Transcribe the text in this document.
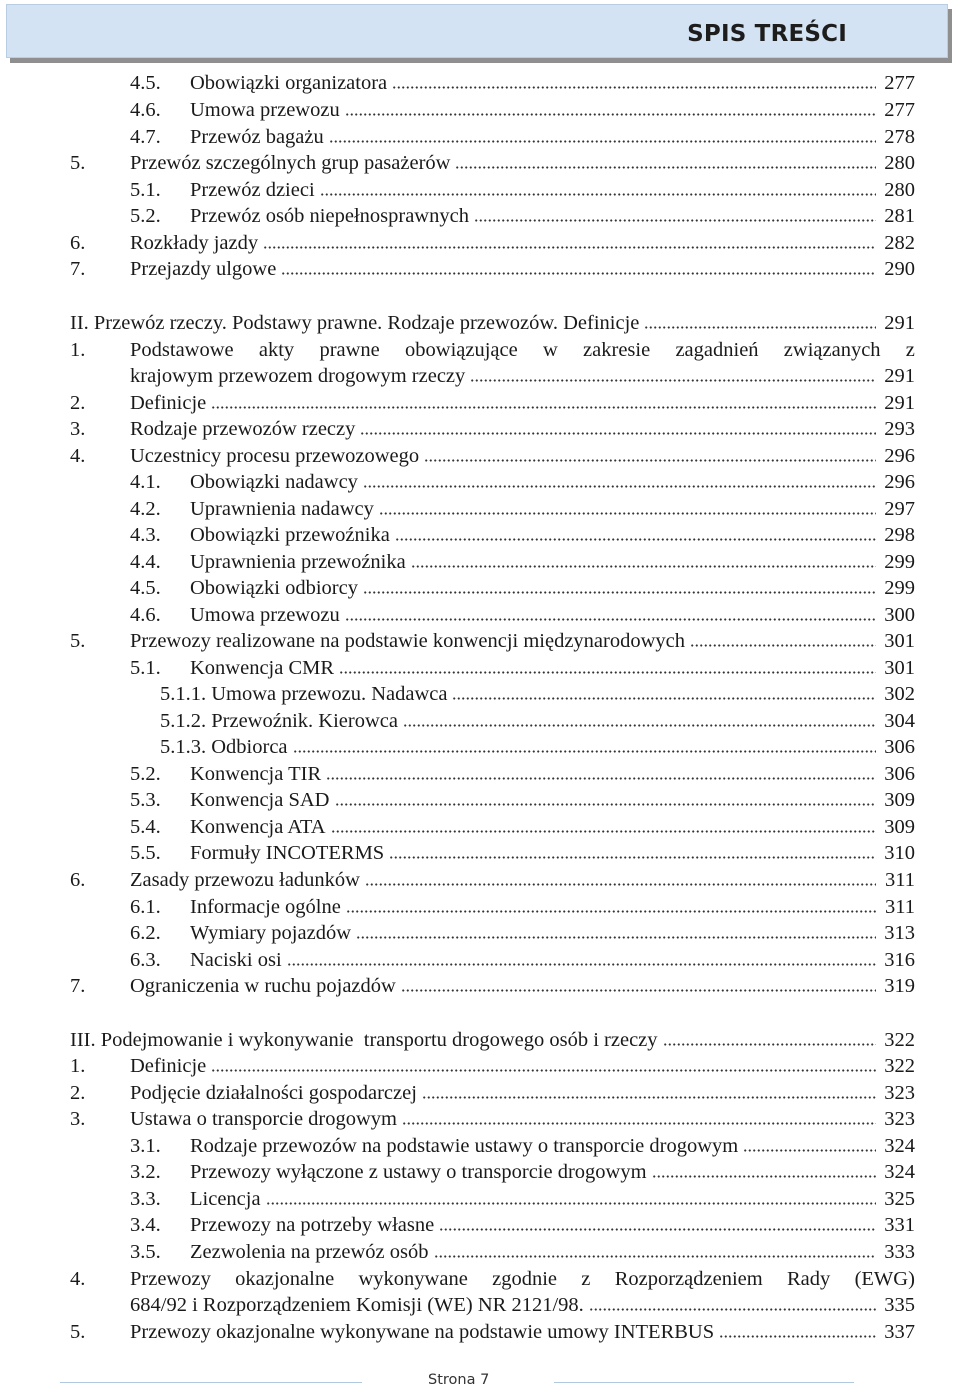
SPIS TREŚCI
4.5.	Obowiązki organizatora	277
4.6.	Umowa przewozu	277
4.7.	Przewóz bagażu	278
5.	Przewóz szczególnych grup pasażerów	280
5.1.	Przewóz dzieci	280
5.2.	Przewóz osób niepełnosprawnych	281
6.	Rozkłady jazdy	282
7.	Przejazdy ulgowe	290
II. Przewóz rzeczy. Podstawy prawne. Rodzaje przewozów. Definicje	291
1. Podstawowe akty prawne obowiązujące w zakresie zagadnień związanych z
krajowym przewozem drogowym rzeczy	291
2.	Definicje	291
3.	Rodzaje przewozów rzeczy	293
4.	Uczestnicy procesu przewozowego	296
4.1.	Obowiązki nadawcy	296
4.2.	Uprawnienia nadawcy	297
4.3.	Obowiązki przewoźnika	298
4.4.	Uprawnienia przewoźnika	299
4.5.	Obowiązki odbiorcy	299
4.6.	Umowa przewozu	300
5.	Przewozy realizowane na podstawie konwencji międzynarodowych	301
5.1.	Konwencja CMR	301
5.1.1. Umowa przewozu. Nadawca	302
5.1.2. Przewoźnik. Kierowca	304
5.1.3. Odbiorca	306
5.2.	Konwencja TIR	306
5.3.	Konwencja SAD	309
5.4.	Konwencja ATA	309
5.5.	Formuły INCOTERMS	310
6.	Zasady przewozu ładunków	311
6.1.	Informacje ogólne	311
6.2.	Wymiary pojazdów	313
6.3.	Naciski osi	316
7.	Ograniczenia w ruchu pojazdów	319
III. Podejmowanie i wykonywanie  transportu drogowego osób i rzeczy	322
1.	Definicje	322
2.	Podjęcie działalności gospodarczej	323
3.	Ustawa o transporcie drogowym	323
3.1.	Rodzaje przewozów na podstawie ustawy o transporcie drogowym	324
3.2.	Przewozy wyłączone z ustawy o transporcie drogowym	324
3.3.	Licencja	325
3.4.	Przewozy na potrzeby własne	331
3.5.	Zezwolenia na przewóz osób	333
4. Przewozy okazjonalne wykonywane zgodnie z Rozporządzeniem Rady (EWG)
684/92 i Rozporządzeniem Komisji (WE) NR 2121/98.	335
5.	Przewozy okazjonalne wykonywane na podstawie umowy INTERBUS	337
Strona 7
